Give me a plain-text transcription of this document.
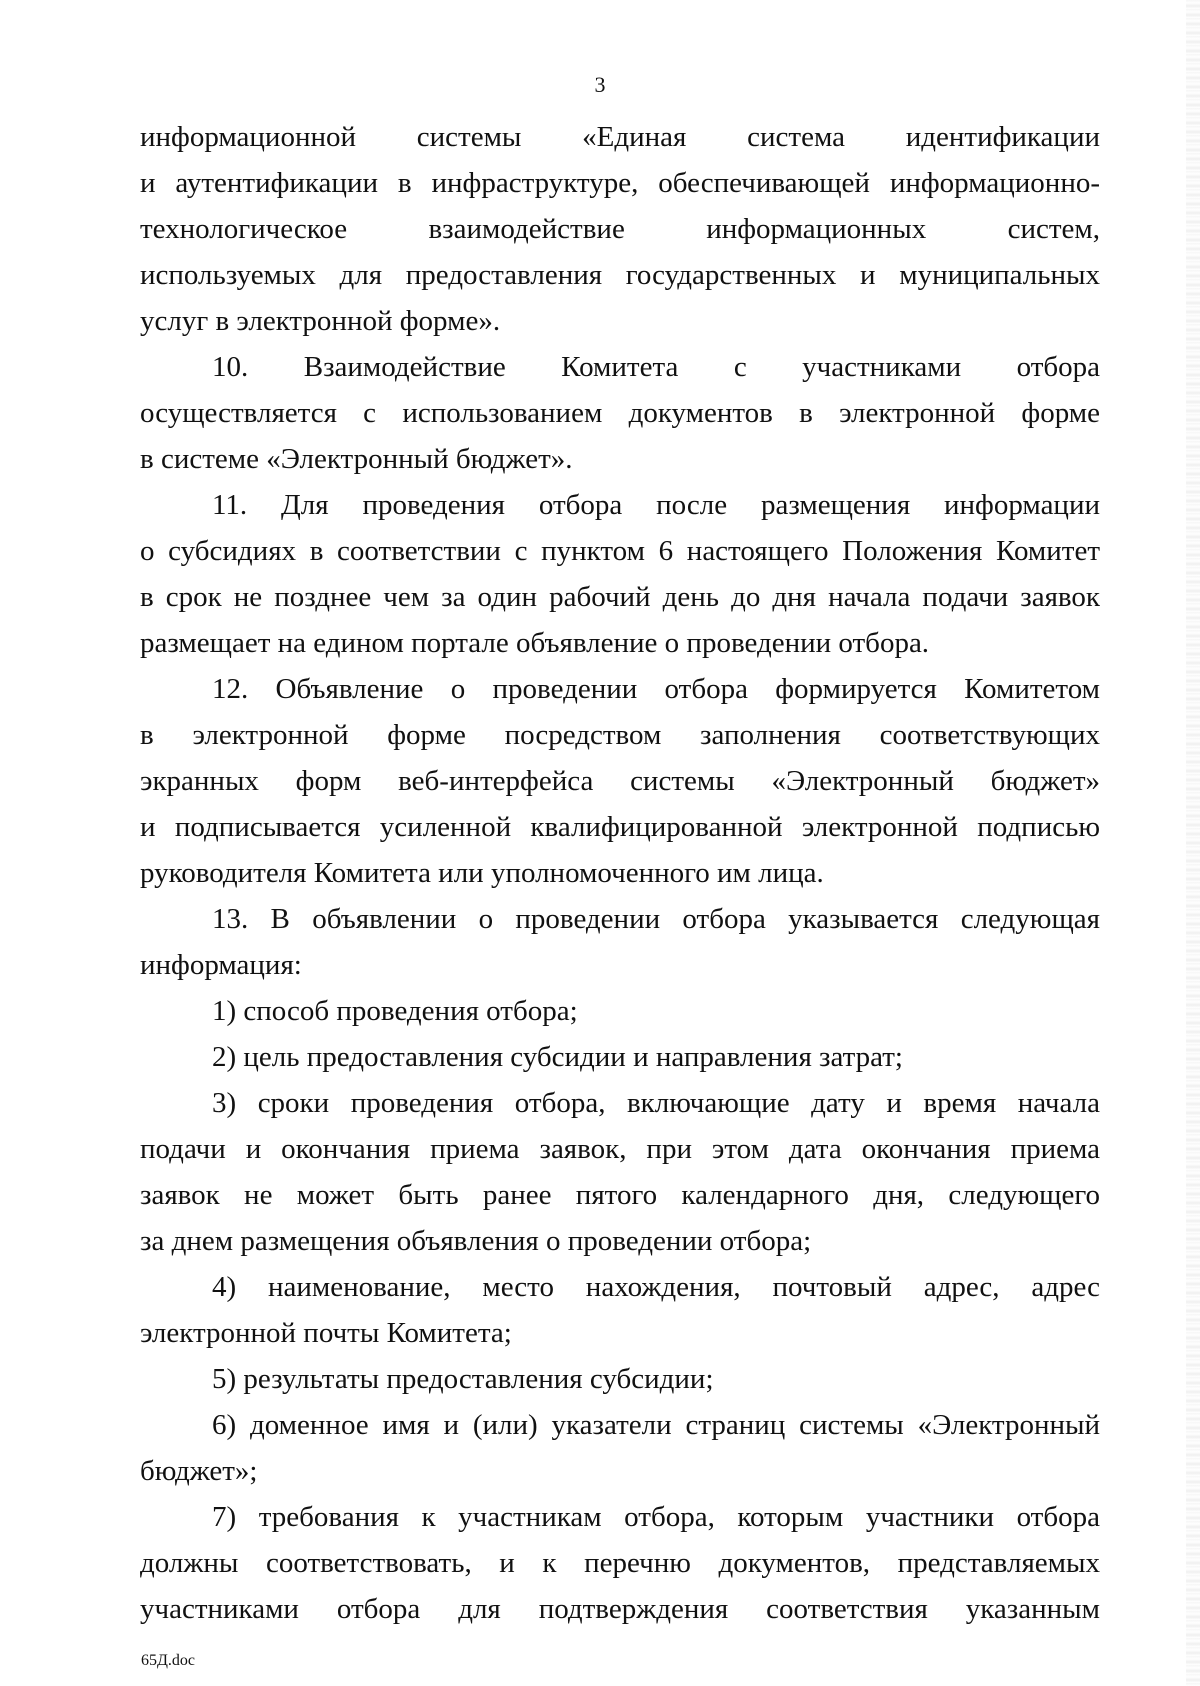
3

информационной системы «Единая система идентификации

и аутентификации в инфраструктуре, обеспечивающей информационно-

технологическое взаимодействие информационных систем,

используемых для предоставления государственных и муниципальных

услуг в электронной форме».

10. Взаимодействие Комитета с участниками отбора

осуществляется с использованием документов в электронной форме

в системе «Электронный бюджет».

11. Для проведения отбора после размещения информации

о субсидиях в соответствии с пунктом 6 настоящего Положения Комитет

в срок не позднее чем за один рабочий день до дня начала подачи заявок

размещает на едином портале объявление о проведении отбора.

12. Объявление о проведении отбора формируется Комитетом

в электронной форме посредством заполнения соответствующих

экранных форм веб-интерфейса системы «Электронный бюджет»

и подписывается усиленной квалифицированной электронной подписью

руководителя Комитета или уполномоченного им лица.

13. В объявлении о проведении отбора указывается следующая

информация:

1) способ проведения отбора;

2) цель предоставления субсидии и направления затрат;

3) сроки проведения отбора, включающие дату и время начала

подачи и окончания приема заявок, при этом дата окончания приема

заявок не может быть ранее пятого календарного дня, следующего

за днем размещения объявления о проведении отбора;

4) наименование, место нахождения, почтовый адрес, адрес

электронной почты Комитета;

5) результаты предоставления субсидии;

6) доменное имя и (или) указатели страниц системы «Электронный

бюджет»;

7) требования к участникам отбора, которым участники отбора

должны соответствовать, и к перечню документов, представляемых

участниками отбора для подтверждения соответствия указанным

65Д.doc
